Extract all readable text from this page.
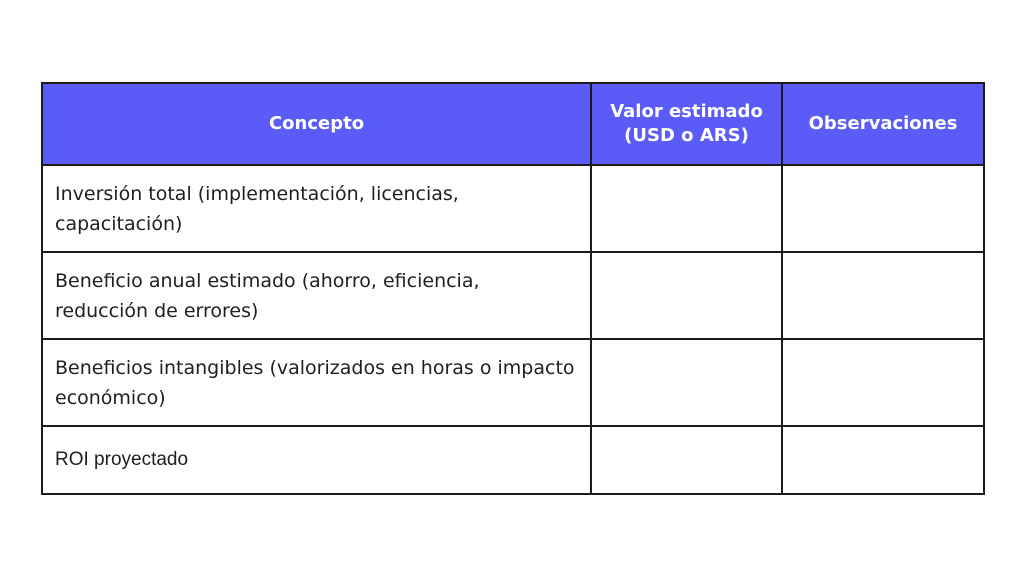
Concepto	Valor estimado (USD o ARS)	Observaciones
Inversión total (implementación, licencias, capacitación)		
Beneficio anual estimado (ahorro, eficiencia, reducción de errores)		
Beneficios intangibles (valorizados en horas o impacto económico)		
ROI proyectado		
